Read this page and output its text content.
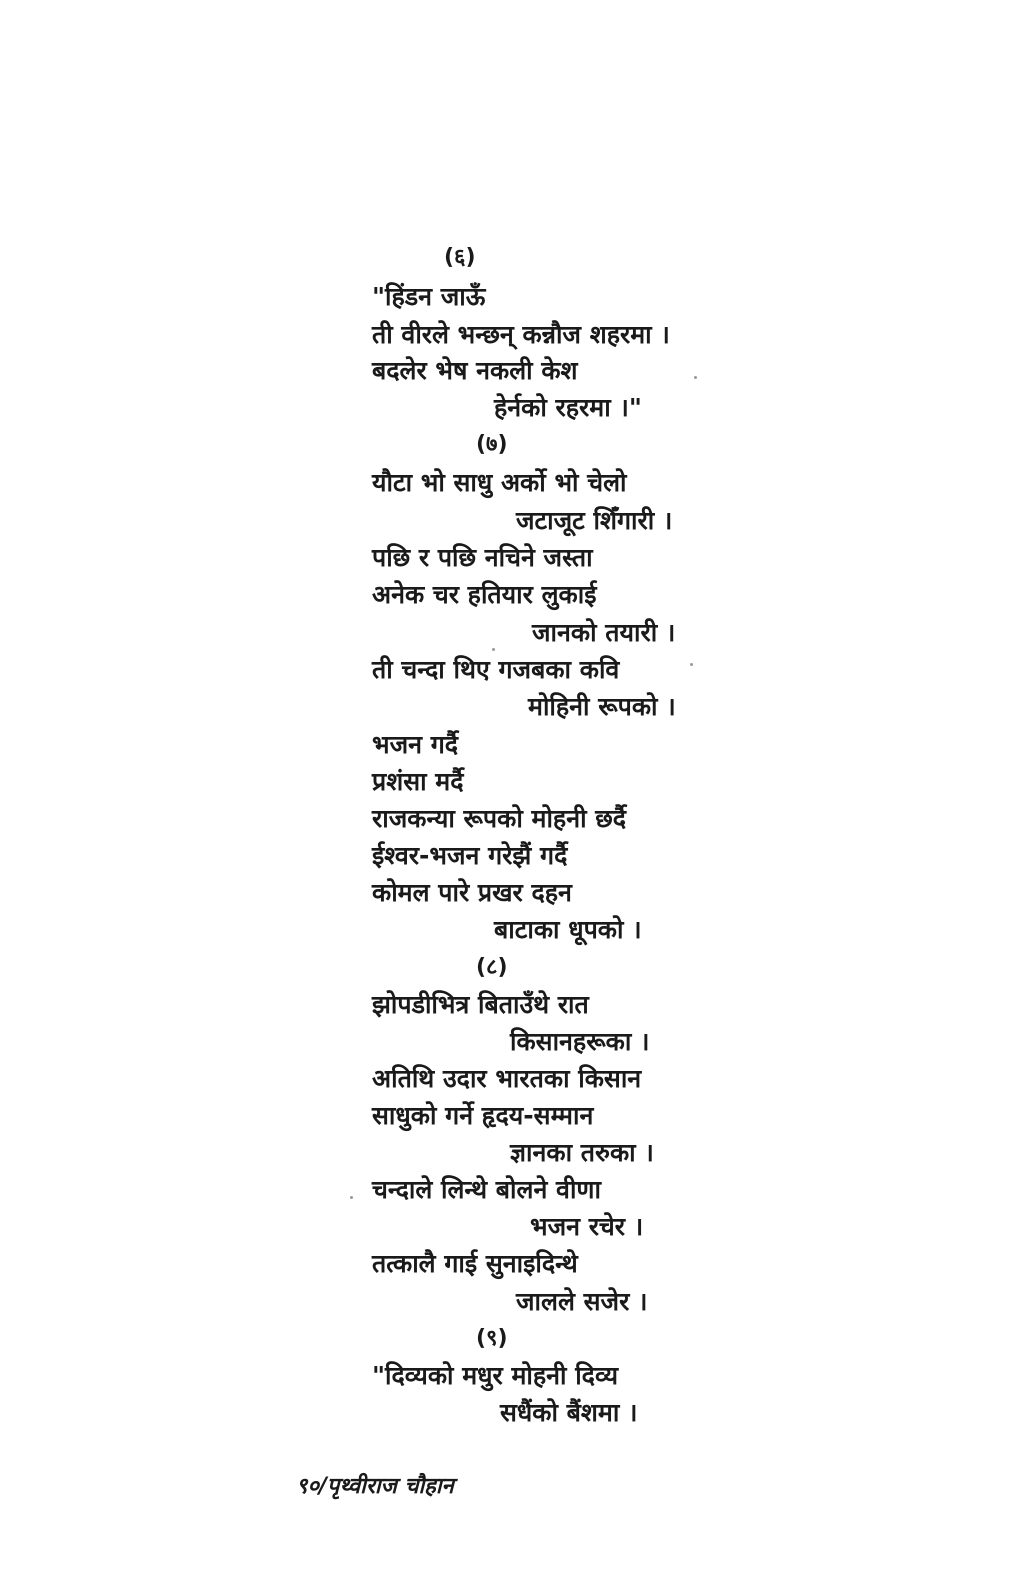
(६)
"हिंडन जाऊँ
ती वीरले भन्छन् कन्नौज शहरमा ।
बदलेर भेष नकली केश
हेर्नको रहरमा ।"
(७)
यौटा भो साधु अर्को भो चेलो
जटाजूट शिँगारी ।
पछि र पछि नचिने जस्ता
अनेक चर हतियार लुकाई
जानको तयारी ।
ती चन्दा थिए गजबका कवि
मोहिनी रूपको ।
भजन गर्दै
प्रशंसा मर्दै
राजकन्या रूपको मोहनी छर्दै
ईश्वर-भजन गरेझैं गर्दै
कोमल पारे प्रखर दहन
बाटाका धूपको ।
(८)
झोपडीभित्र बिताउँथे रात
किसानहरूका ।
अतिथि उदार भारतका किसान
साधुको गर्ने हृदय-सम्मान
ज्ञानका तरुका ।
चन्दाले लिन्थे बोलने वीणा
भजन रचेर ।
तत्कालै गाई सुनाइदिन्थे
जालले सजेर ।
(९)
"दिव्यको मधुर मोहनी दिव्य
सधैंको बैंशमा ।
९०/पृथ्वीराज चौहान
